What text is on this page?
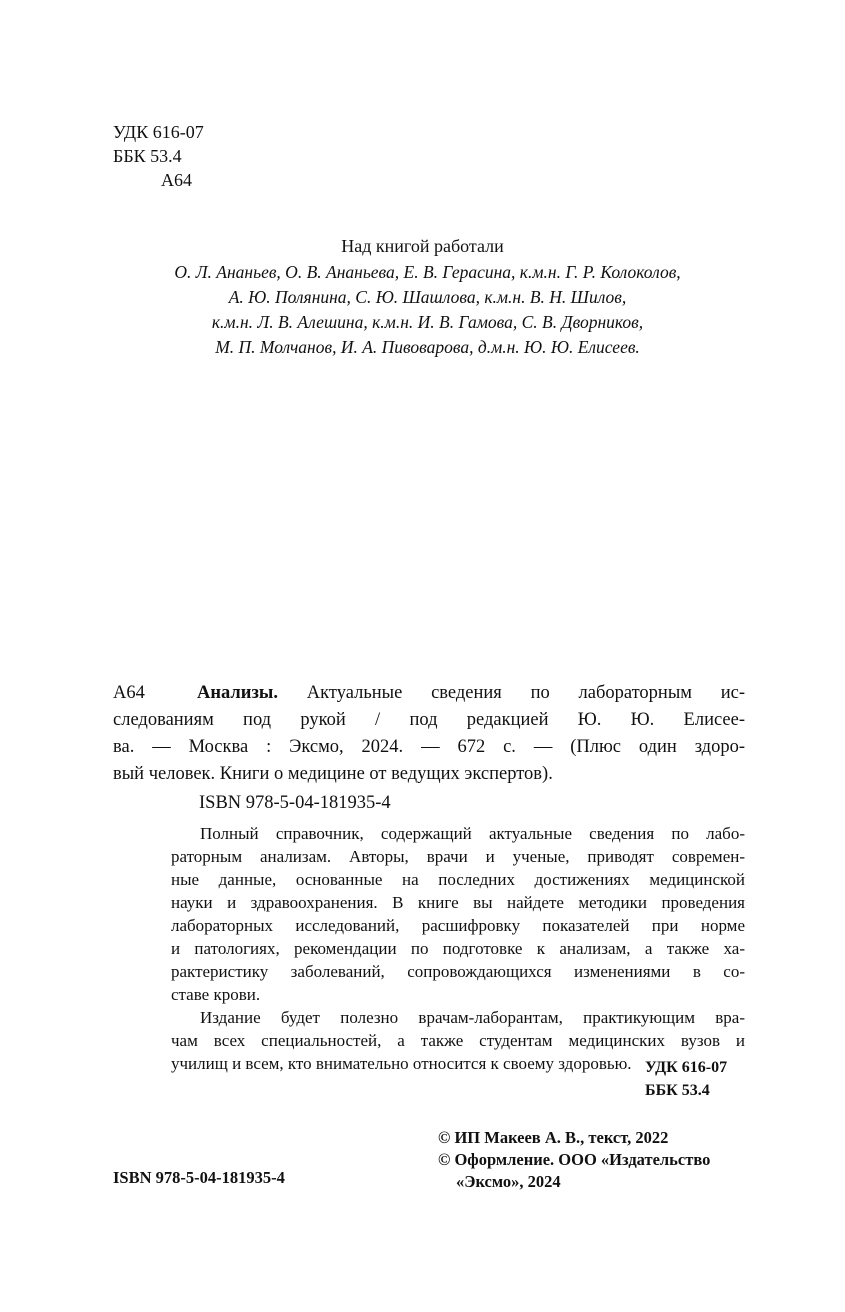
УДК 616-07
ББК 53.4
А64
Над книгой работали
О. Л. Ананьев, О. В. Ананьева, Е. В. Герасина, к.м.н. Г. Р. Колоколов,
А. Ю. Полянина, С. Ю. Шашлова, к.м.н. В. Н. Шилов,
к.м.н. Л. В. Алешина, к.м.н. И. В. Гамова, С. В. Дворников,
М. П. Молчанов, И. А. Пивоварова, д.м.н. Ю. Ю. Елисеев.
А64	Анализы. Актуальные сведения по лабораторным ис-
следованиям под рукой / под редакцией Ю. Ю. Елисее-
ва. — Москва : Эксмо, 2024. — 672 с. — (Плюс один здоро-
вый человек. Книги о медицине от ведущих экспертов).
ISBN 978-5-04-181935-4
Полный справочник, содержащий актуальные сведения по лабо-
раторным анализам. Авторы, врачи и ученые, приводят современ-
ные данные, основанные на последних достижениях медицинской
науки и здравоохранения. В книге вы найдете методики проведения
лабораторных исследований, расшифровку показателей при норме
и патологиях, рекомендации по подготовке к анализам, а также ха-
рактеристику заболеваний, сопровождающихся изменениями в со-
ставе крови.
Издание будет полезно врачам-лаборантам, практикующим вра-
чам всех специальностей, а также студентам медицинских вузов и
училищ и всем, кто внимательно относится к своему здоровью. УДК 616-07
ББК 53.4
© ИП Макеев А. В., текст, 2022
© Оформление. ООО «Издательство
«Эксмо», 2024
ISBN 978-5-04-181935-4
